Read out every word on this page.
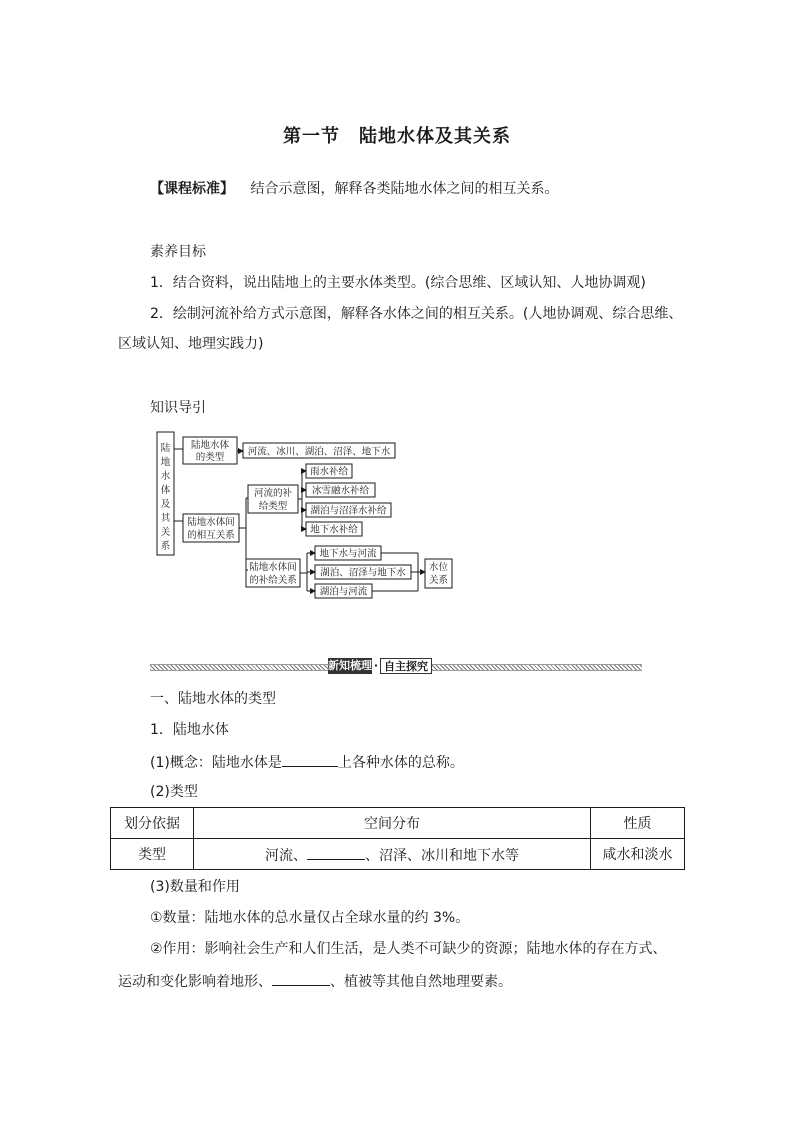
第一节　陆地水体及其关系
【课程标准】 结合示意图，解释各类陆地水体之间的相互关系。
素养目标
1．结合资料，说出陆地上的主要水体类型。(综合思维、区域认知、人地协调观)
2．绘制河流补给方式示意图，解释各水体之间的相互关系。(人地协调观、综合思维、
区域认知、地理实践力)
知识导引
陆
地
水
体
及
其
关
系
陆地水体
的类型 河流、冰川、湖泊、沼泽、地下水
陆地水体间
的相互关系
河流的补
给类型
雨水补给
冰雪融水补给
湖泊与沼泽水补给
地下水补给
陆地水体间
的补给关系
地下水与河流
湖泊、沼泽与地下水
湖泊与河流
水位
关系
新知梳理 · 自主探究
一、陆地水体的类型
1．陆地水体
(1)概念：陆地水体是	上各种水体的总称。
(2)类型
划分依据	空间分布	性质
类型	河流、 、沼泽、冰川和地下水等	咸水和淡水
(3)数量和作用
①数量：陆地水体的总水量仅占全球水量的约 3%。
②作用：影响社会生产和人们生活，是人类不可缺少的资源；陆地水体的存在方式、
运动和变化影响着地形、	、植被等其他自然地理要素。
